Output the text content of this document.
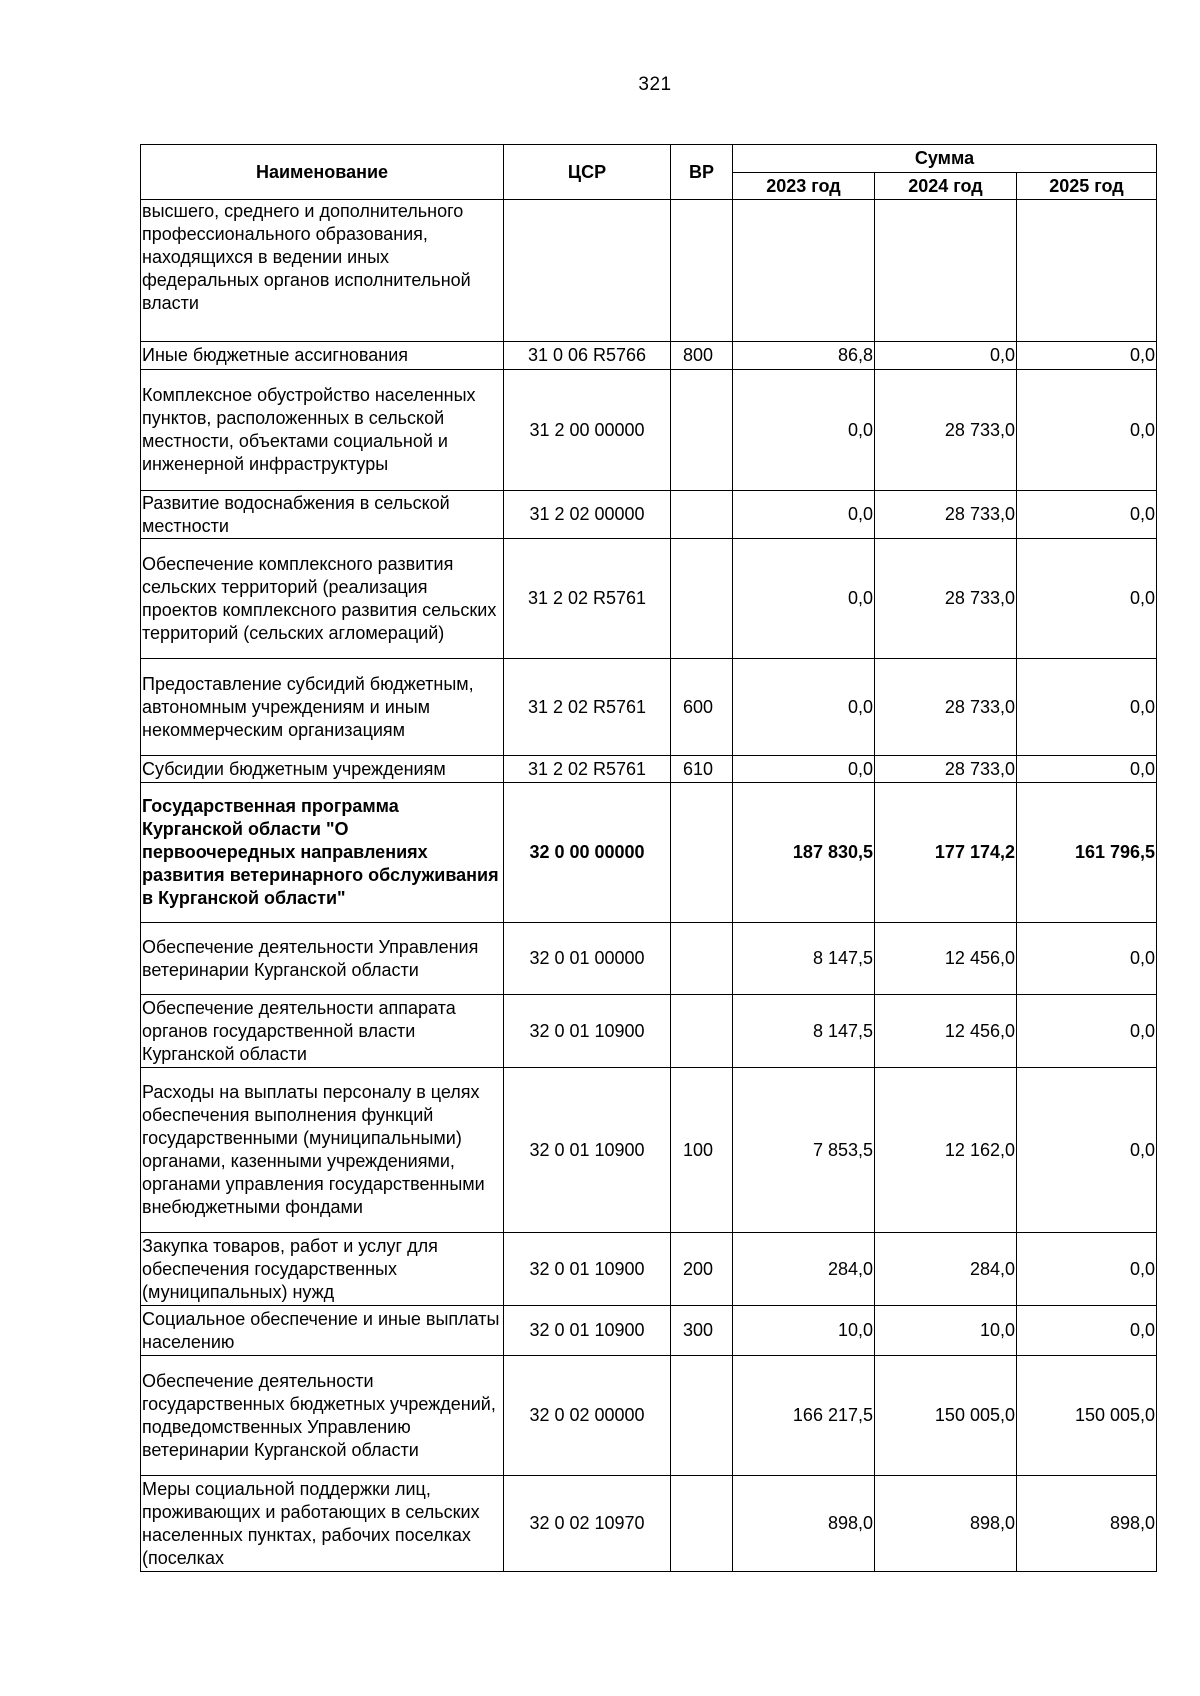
321
Наименование	ЦСР	ВР	Сумма		
			2023 год	2024 год	2025 год
высшего, среднего и дополнительного профессионального образования, находящихся в ведении иных федеральных органов исполнительной власти					
Иные бюджетные ассигнования	31 0 06 R5766	800	86,8	0,0	0,0
Комплексное обустройство населенных пунктов, расположенных в сельской местности, объектами социальной и инженерной инфраструктуры	31 2 00 00000		0,0	28 733,0	0,0
Развитие водоснабжения в сельской местности	31 2 02 00000		0,0	28 733,0	0,0
Обеспечение комплексного развития сельских территорий (реализация проектов комплексного развития сельских территорий (сельских агломераций)	31 2 02 R5761		0,0	28 733,0	0,0
Предоставление субсидий бюджетным, автономным учреждениям и иным некоммерческим организациям	31 2 02 R5761	600	0,0	28 733,0	0,0
Субсидии бюджетным учреждениям	31 2 02 R5761	610	0,0	28 733,0	0,0
Государственная программа Курганской области "О первоочередных направлениях развития ветеринарного обслуживания в Курганской области"	32 0 00 00000		187 830,5	177 174,2	161 796,5
Обеспечение деятельности Управления ветеринарии Курганской области	32 0 01 00000		8 147,5	12 456,0	0,0
Обеспечение деятельности аппарата органов государственной власти Курганской области	32 0 01 10900		8 147,5	12 456,0	0,0
Расходы на выплаты персоналу в целях обеспечения выполнения функций государственными (муниципальными) органами, казенными учреждениями, органами управления государственными внебюджетными фондами	32 0 01 10900	100	7 853,5	12 162,0	0,0
Закупка товаров, работ и услуг для обеспечения государственных (муниципальных) нужд	32 0 01 10900	200	284,0	284,0	0,0
Социальное обеспечение и иные выплаты населению	32 0 01 10900	300	10,0	10,0	0,0
Обеспечение деятельности государственных бюджетных учреждений, подведомственных Управлению ветеринарии Курганской области	32 0 02 00000		166 217,5	150 005,0	150 005,0
Меры социальной поддержки лиц, проживающих и работающих в сельских населенных пунктах, рабочих поселках (поселках	32 0 02 10970		898,0	898,0	898,0
